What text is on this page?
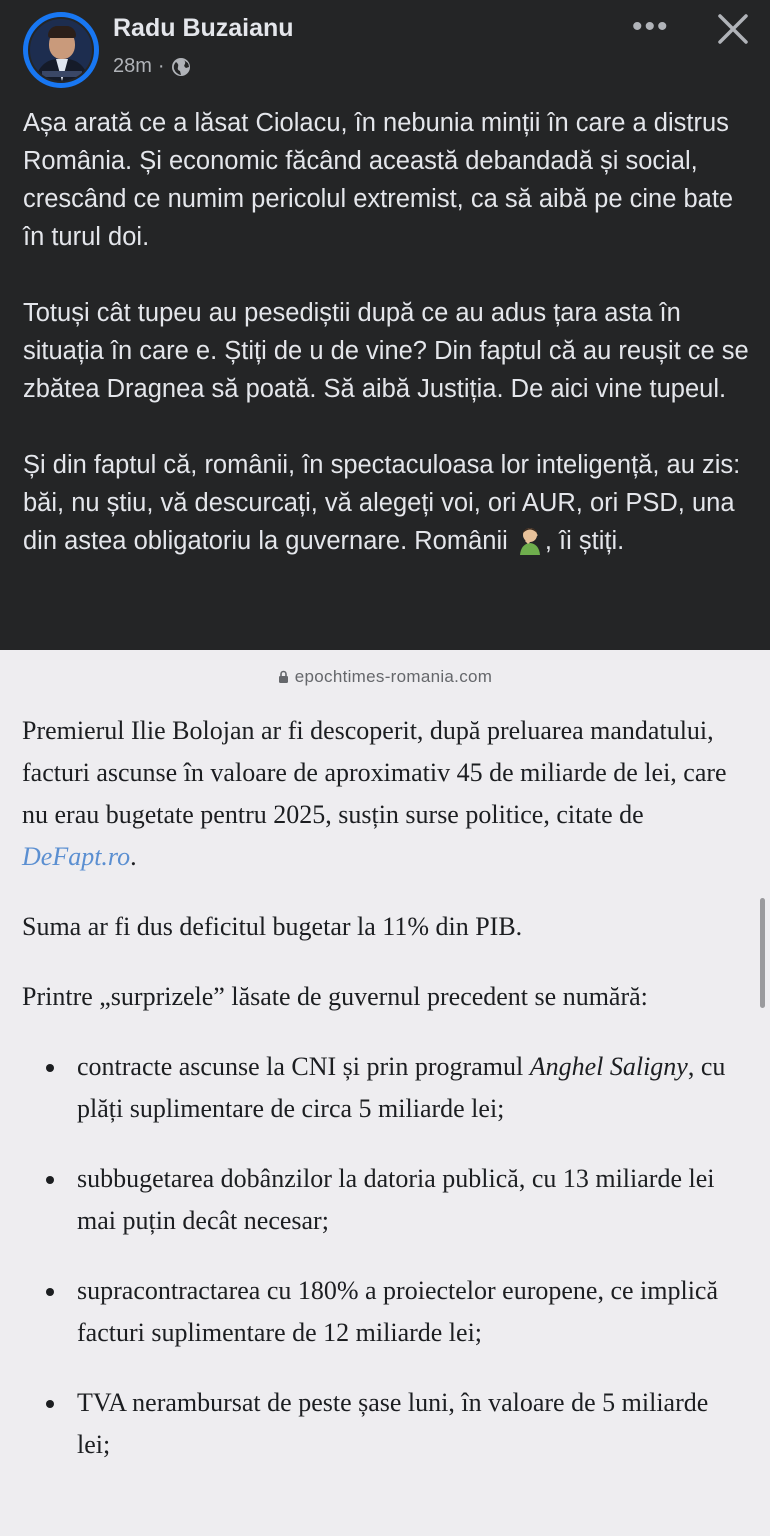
Radu Buzaianu
28m ·
•••

Așa arată ce a lăsat Ciolacu, în nebunia minții în care a distrus România. Și economic făcând această debandadă și social, crescând ce numim pericolul extremist, ca să aibă pe cine bate în turul doi.

Totuși cât tupeu au pesediștii după ce au adus țara asta în situația în care e. Știți de u de vine? Din faptul că au reușit ce se zbătea Dragnea să poată. Să aibă Justiția. De aici vine tupeul.

Și din faptul că, românii, în spectaculoasa lor inteligență, au zis: băi, nu știu, vă descurcați, vă alegeți voi, ori AUR, ori PSD, una din astea obligatoriu la guvernare. Românii , îi știți.

epochtimes-romania.com

Premierul Ilie Bolojan ar fi descoperit, după preluarea mandatului, facturi ascunse în valoare de aproximativ 45 de miliarde de lei, care nu erau bugetate pentru 2025, susțin surse politice, citate de DeFapt.ro.

Suma ar fi dus deficitul bugetar la 11% din PIB.

Printre „surprizele” lăsate de guvernul precedent se numără:

contracte ascunse la CNI și prin programul Anghel Saligny, cu plăți suplimentare de circa 5 miliarde lei;
subbugetarea dobânzilor la datoria publică, cu 13 miliarde lei mai puțin decât necesar;
supracontractarea cu 180% a proiectelor europene, ce implică facturi suplimentare de 12 miliarde lei;
TVA nerambursat de peste șase luni, în valoare de 5 miliarde lei;
